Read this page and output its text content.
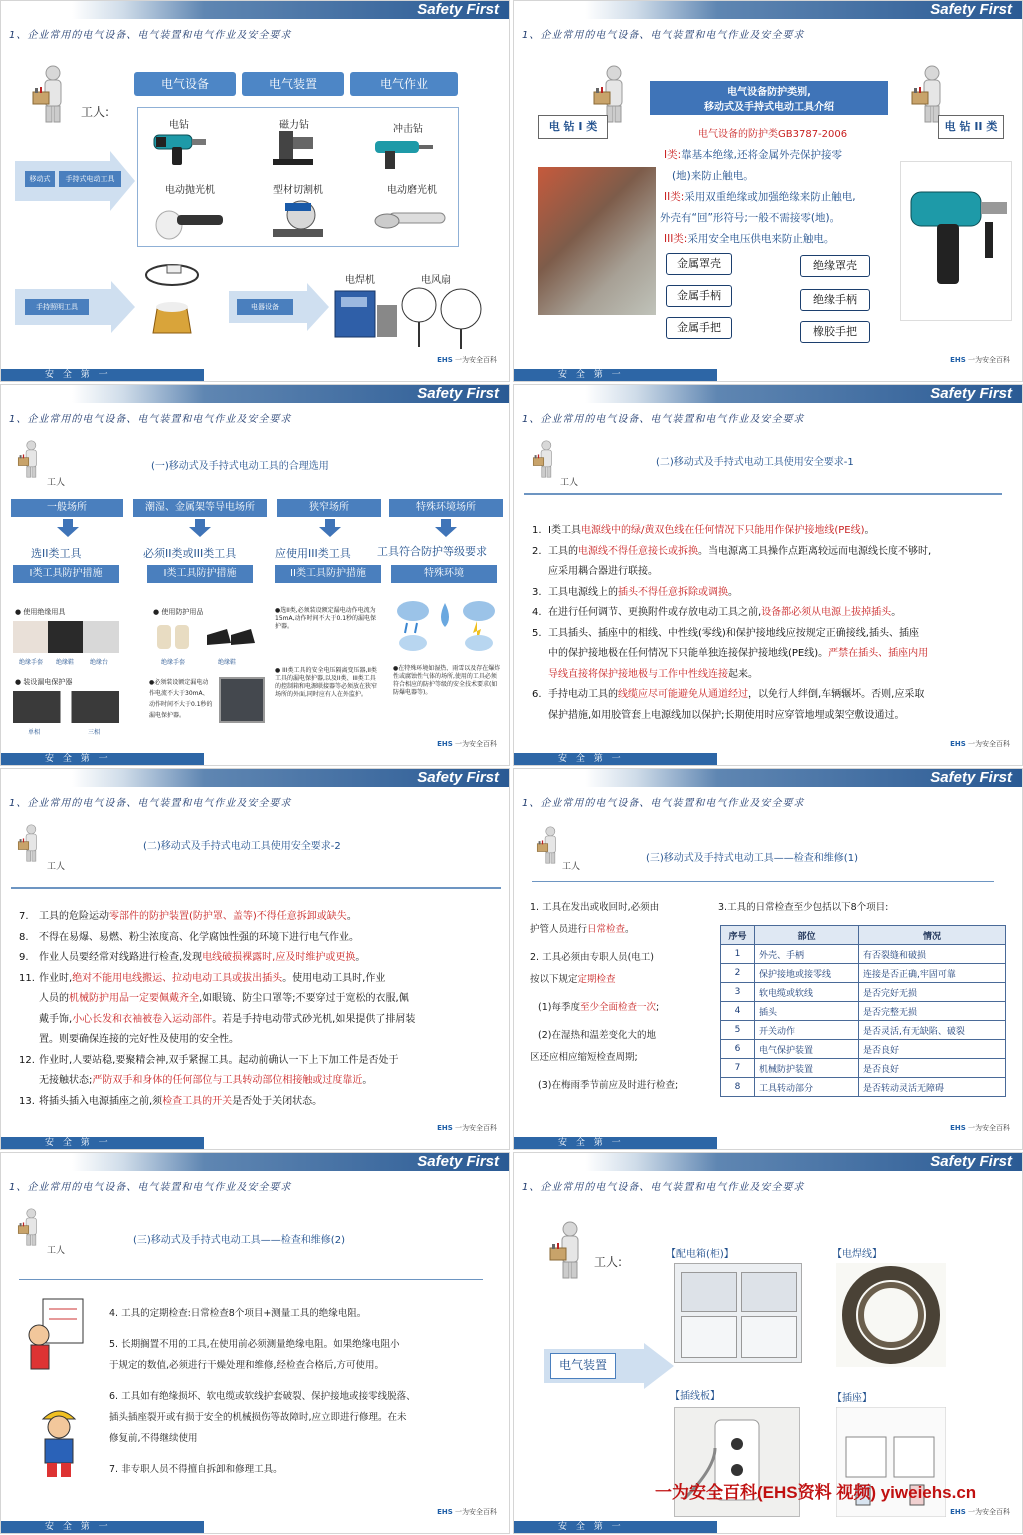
Safety First
1、企业常用的电气设备、电气装置和电气作业及安全要求
工人:
电气设备	电气装置	电气作业
移动式	手持式电动工具
电钻	磁力钻	冲击钻
电动抛光机	型材切割机	电动磨光机
手持照明工具	电器设备
电焊机	电风扇
EHS 一为安全百科
安 全 第 一
Safety First
1、企业常用的电气设备、电气装置和电气作业及安全要求
电 钻 I 类	电 钻 II 类
电气设备防护类别,
移动式及手持式电动工具介绍
电气设备的防护类GB3787-2006
I类:靠基本绝缘,还将金属外壳保护接零
(地)来防止触电。
II类:采用双重绝缘或加强绝缘来防止触电,
外壳有“回”形符号;一般不需接零(地)。
III类:采用安全电压供电来防止触电。
金属罩壳
金属手柄
金属手把
绝缘罩壳
绝缘手柄
橡胶手把
EHS 一为安全百科
安 全 第 一
Safety First
1、企业常用的电气设备、电气装置和电气作业及安全要求
工人
(一)移动式及手持式电动工具的合理选用
一般场所	潮湿、金属架等导电场所	狭窄场所	特殊环境场所
选II类工具	必须II类或III类工具	应使用III类工具 工具符合防护等级要求
I类工具防护措施	I类工具防护措施	II类工具防护措施	特殊环境
● 使用绝缘用具
绝缘手套	绝缘鞋	绝缘台
● 装设漏电保护器
单相	三相
● 使用防护用品
绝缘手套	绝缘鞋
●必须装设额定漏电动作电流不大于30mA、动作时间不大于0.1秒的漏电保护器。
●选II类,必须装设额定漏电动作电流为15mA,动作时间不大于0.1秒的漏电保护器。
● III类工具的安全电压隔离变压器,II类工具的漏电保护器,以及II类、III类工具的控制箱和电源联接器等必须放在狭窄场所的外面,同时应有人在外监护。
●在特殊环境如湿热、雨雪以及存在爆炸性或腐蚀性气体的场所,使用的工具必须符合相应的防护等级的安全技术要求(如防爆电器等)。
EHS 一为安全百科
安 全 第 一
Safety First
1、企业常用的电气设备、电气装置和电气作业及安全要求
工人
(二)移动式及手持式电动工具使用安全要求-1
1. I类工具电源线中的绿/黄双色线在任何情况下只能用作保护接地线(PE线)。
2. 工具的电源线不得任意接长或拆换。当电源离工具操作点距离较远而电源线长度不够时,
应采用耦合器进行联接。
3. 工具电源线上的插头不得任意拆除或调换。
4. 在进行任何调节、更换附件或存放电动工具之前,设备都必须从电源上拔掉插头。
5. 工具插头、插座中的相线、中性线(零线)和保护接地线应按规定正确接线,插头、插座
中的保护接地极在任何情况下只能单独连接保护接地线(PE线)。严禁在插头、插座内用
导线直接将保护接地极与工作中性线连接起来。
6. 手持电动工具的线缆应尽可能避免从通道经过，以免行人绊倒,车辆辗坏。否则,应采取
保护措施,如用胶管套上电源线加以保护;长期使用时应穿管地埋或架空敷设通过。
EHS 一为安全百科
安 全 第 一
Safety First
1、企业常用的电气设备、电气装置和电气作业及安全要求
工人
(二)移动式及手持式电动工具使用安全要求-2
7. 工具的危险运动零部件的防护装置(防护罩、盖等)不得任意拆卸或缺失。
8. 不得在易爆、易燃、粉尘浓度高、化学腐蚀性强的环境下进行电气作业。
9. 作业人员要经常对线路进行检查,发现电线破损裸露时,应及时维护或更换。
11. 作业时,绝对不能用电线搬运、拉动电动工具或拔出插头。使用电动工具时,作业
人员的机械防护用品一定要佩戴齐全,如眼镜、防尘口罩等;不要穿过于宽松的衣服,佩
戴手饰,小心长发和衣袖被卷入运动部件。若是手持电动带式砂光机,如果提供了排屑装
置。则要确保连接的完好性及使用的安全性。
12. 作业时,人要站稳,要聚精会神,双手紧握工具。起动前确认一下上下加工件是否处于
无接触状态;严防双手和身体的任何部位与工具转动部位相接触或过度靠近。
13. 将插头插入电源插座之前,须检查工具的开关是否处于关闭状态。
EHS 一为安全百科
安 全 第 一
Safety First
1、企业常用的电气设备、电气装置和电气作业及安全要求
工人
(三)移动式及手持式电动工具——检查和维修(1)
1. 工具在发出或收回时,必须由
护管人员进行日常检查。
2. 工具必须由专职人员(电工)
按以下规定定期检查
(1)每季度至少全面检查一次;
(2)在湿热和温差变化大的地
区还应相应缩短检查周期;
(3)在梅雨季节前应及时进行检查;
3.工具的日常检查至少包括以下8个项目:
序号	部位	情况
1	外壳、手柄	有否裂缝和破损
2	保护接地或接零线	连接是否正确,牢固可靠
3	软电缆或软线	是否完好无损
4	插头	是否完整无损
5	开关动作	是否灵活,有无缺陷、破裂
6	电气保护装置	是否良好
7	机械防护装置	是否良好
8	工具转动部分	是否转动灵活无障碍
EHS 一为安全百科
安 全 第 一
Safety First
1、企业常用的电气设备、电气装置和电气作业及安全要求
工人
(三)移动式及手持式电动工具——检查和维修(2)
4. 工具的定期检查:日常检查8个项目+测量工具的绝缘电阻。
5. 长期搁置不用的工具,在使用前必须测量绝缘电阻。如果绝缘电阻小
于规定的数值,必须进行干燥处理和维修,经检查合格后,方可使用。
6. 工具如有绝缘损坏、软电缆或软线护套破裂、保护接地或接零线脱落、
插头插座裂开或有损于安全的机械损伤等故障时,应立即进行修理。在未
修复前,不得继续使用
7. 非专职人员不得擅自拆卸和修理工具。
EHS 一为安全百科
安 全 第 一
Safety First
1、企业常用的电气设备、电气装置和电气作业及安全要求
工人:
电气装置
【配电箱(柜)】	【电焊线】
【插线板】	【插座】
EHS 一为安全百科
安 全 第 一
一为安全百科(EHS资料 视频) yiweiehs.cn
